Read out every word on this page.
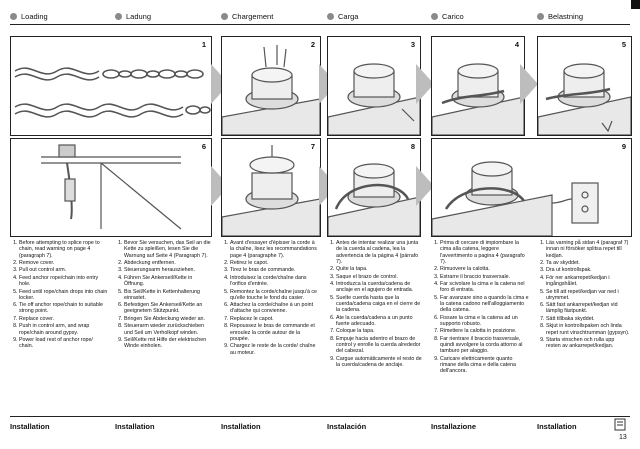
Loading	Ladung	Chargement	Carga	Carico	Belastning
1	2	3	4	5
6	7	8	9
1. Before attempting to splice rope to chain, read warning on page 4 (paragraph 7).
2. Remove cover.
3. Pull out control arm.
4. Feed anchor rope/chain into entry hole.
5. Feed until rope/chain drops into chain locker.
6. Tie off anchor rope/chain to suitable strong point.
7. Replace cover.
8. Push in control arm, and wrap rope/chain around gypsy.
9. Power load rest of anchor rope/ chain.
1. Bevor Sie versuchen, das Seil an die Kette zu spleißen, lesen Sie die Warnung auf Seite 4 (Paragraph 7).
2. Abdeckung entfernen.
3. Steuerungsarm herausziehen.
4. Führen Sie Ankerseil/Kette in Öffnung.
5. Bis Seil/Kette in Kettenhalterung einrastet.
6. Befestigen Sie Ankerseil/Kette an geeignetem Stützpunkt.
7. Bringen Sie Abdeckung wieder an.
8. Steuerarm wieder zurückschieben und Seil um Verholkopf winden.
9. Seil/Kette mit Hilfe der elektrischen Winde einholen.
1. Avant d'essayer d'épisser la corde à la chaîne, lisez les recommandations page 4 (paragraphe 7).
2. Retirez le capot.
3. Tirez le bras de commande.
4. Introduisez la corde/chaîne dans l'orifice d'entrée.
5. Remontez la corde/chaîne jusqu'à ce qu'elle touche le fond du casier.
6. Attachez la corde/chaîne à un point d'attache qui convienne.
7. Replacez le capot.
8. Repoussez le bras de commande et enroulez la corde autour de la poupée.
9. Chargez le reste de la corde/ chaîne au moteur.
1. Antes de intentar realizar una junta de la cuerda al cadena, lea la advertencia de la página 4 (párrafo 7).
2. Quite la tapa.
3. Saque el brazo de control.
4. Introduzca la cuerda/cadena de anclaje en el agujero de entrada.
5. Suelte cuerda hasta que la cuerda/cadena caiga en el cierre de la cadena.
6. Ate la cuerda/cadena a un punto fuerte adecuado.
7. Coloque la tapa.
8. Empuje hacia adentro el brazo de control y enrolle la cuerda alrededor del cabezal.
9. Cargue automáticamente el resto de la cuerda/cadena de anclaje.
1. Prima di cercare di impiombare la cima alla catena, leggere l'avvertimento a pagina 4 (paragrafo 7).
2. Rimuovere la calotta.
3. Estrarre il braccio trasversale.
4. Far scivolare la cima e la catena nel foro di entrata.
5. Far avanzare sino a quando la cima e la catena cadono nell'alloggiamento della catena.
6. Fissare la cima e la catena ad un supporto robusto.
7. Rimettere la calotta in posizione.
8. Far rientrare il braccio trasversale, quindi avvolgere la corda attorno al tamburo per alaggio.
9. Caricare elettricamente quanto rimane della cima e della catena dell'ancora.
1. Läs varning på sidan 4 (paragraf 7) innan ni försöker splitsa repet till kedjan.
2. Ta av skyddet.
3. Dra ut kontrollspak.
4. För ner ankarrepet/kedjan i ingångshålet.
5. Se till att repet/kedjan var ned i utrymmet.
6. Sätt fast ankarrepet/kedjan vid lämplig fästpunkt.
7. Sätt tillbaka skyddet.
8. Skjut in kontrollspaken och linda repet runt vinschtrumman (gypsyn).
9. Starta vinschen och rulla upp resten av ankarrepet/kedjan.
Installation	Installation	Installation	Instalación	Installazione	Installation
13
